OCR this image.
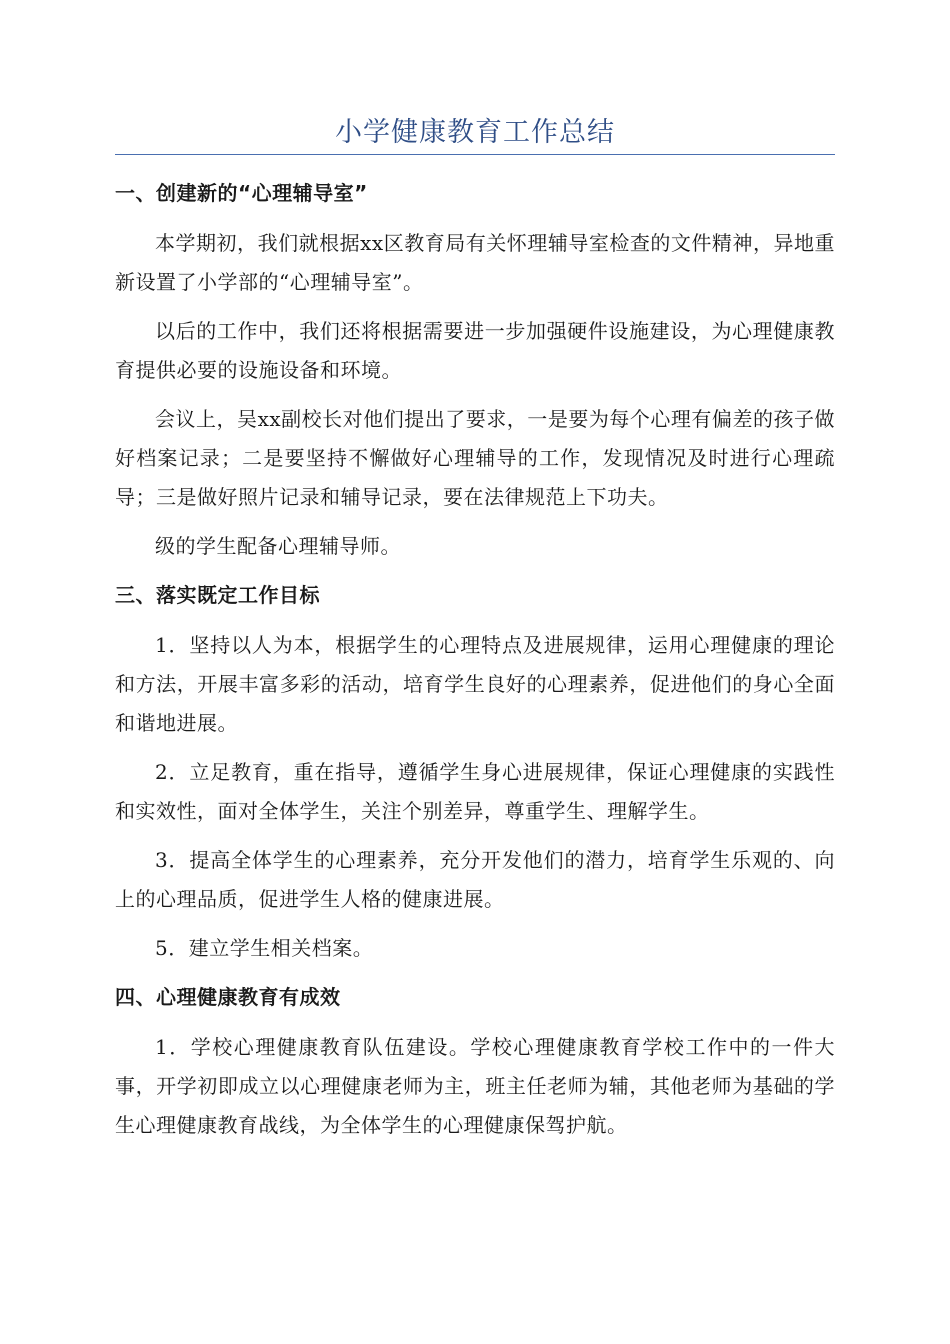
小学健康教育工作总结
一、创建新的“心理辅导室”

本学期初，我们就根据xx区教育局有关怀理辅导室检查的文件精神，异地重新设置了小学部的“心理辅导室”。

以后的工作中，我们还将根据需要进一步加强硬件设施建设，为心理健康教育提供必要的设施设备和环境。

会议上，吴xx副校长对他们提出了要求，一是要为每个心理有偏差的孩子做好档案记录；二是要坚持不懈做好心理辅导的工作，发现情况及时进行心理疏导；三是做好照片记录和辅导记录，要在法律规范上下功夫。

级的学生配备心理辅导师。

三、落实既定工作目标

1．坚持以人为本，根据学生的心理特点及进展规律，运用心理健康的理论和方法，开展丰富多彩的活动，培育学生良好的心理素养，促进他们的身心全面和谐地进展。

2．立足教育，重在指导，遵循学生身心进展规律，保证心理健康的实践性和实效性，面对全体学生，关注个别差异，尊重学生、理解学生。

3．提高全体学生的心理素养，充分开发他们的潜力，培育学生乐观的、向上的心理品质，促进学生人格的健康进展。

5．建立学生相关档案。

四、心理健康教育有成效

1．学校心理健康教育队伍建设。学校心理健康教育学校工作中的一件大事，开学初即成立以心理健康老师为主，班主任老师为辅，其他老师为基础的学生心理健康教育战线，为全体学生的心理健康保驾护航。
